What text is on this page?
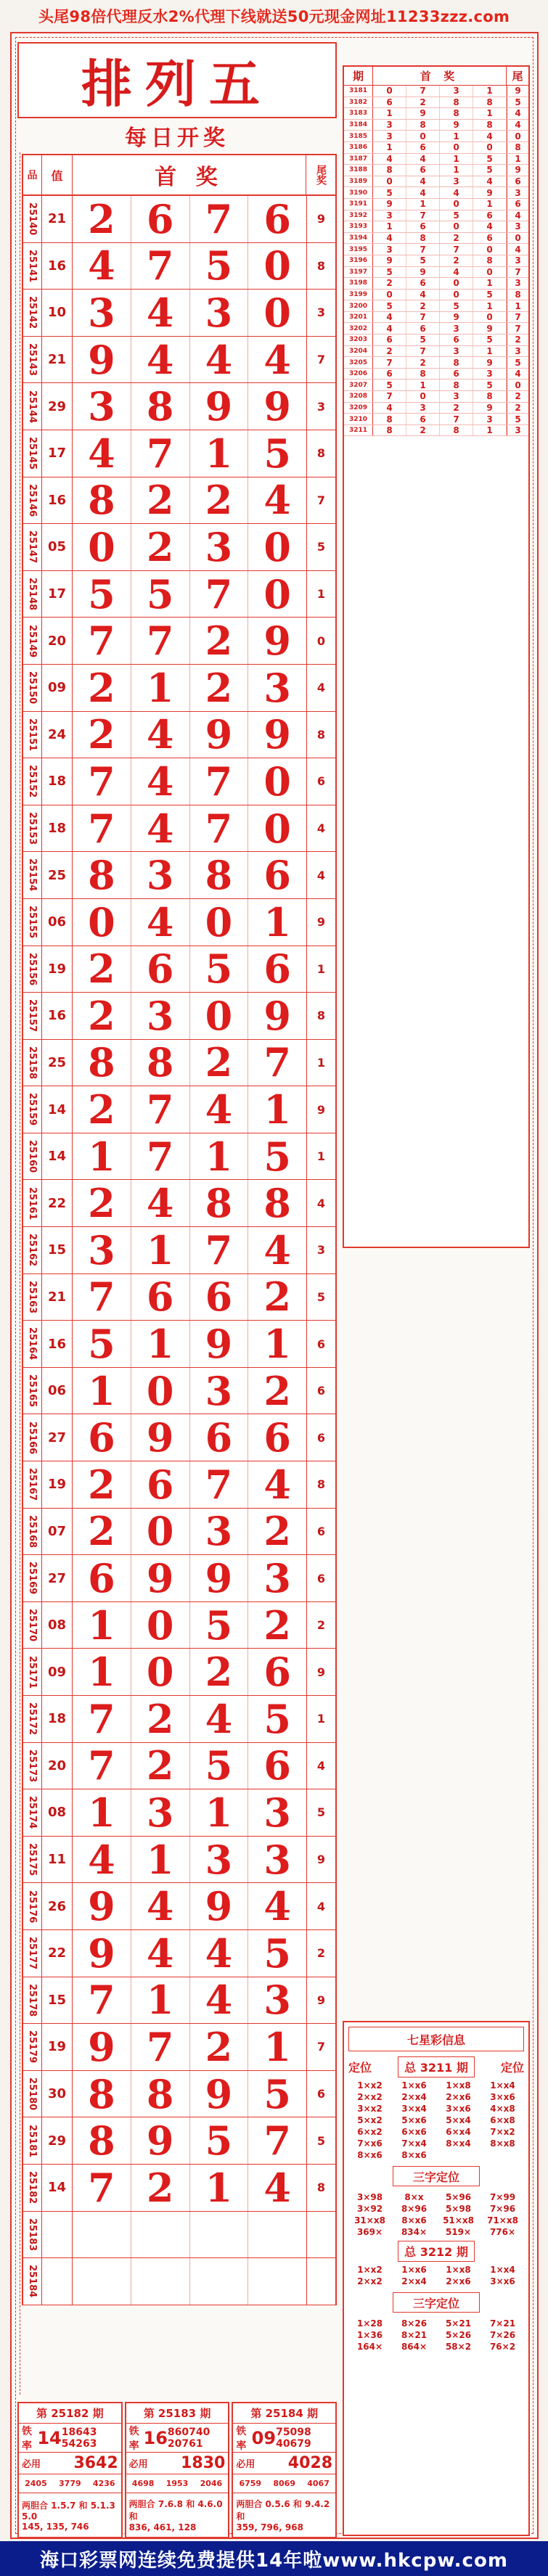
头尾98倍代理反水2%代理下线就送50元现金网址11233zzz.com
排列五
每日开奖
品	值	首 奖	尾奖
25140 21 2 6 7 6	9
25141 16 4 7 5 0	8
25142 10 3 4 3 0	3
25143 21 9 4 4 4	7
25144 29 3 8 9 9	3
25145 17 4 7 1 5	8
25146 16 8 2 2 4	7
25147 05 0 2 3 0	5
25148 17 5 5 7 0	1
25149 20 7 7 2 9	0
25150 09 2 1 2 3	4
25151 24 2 4 9 9	8
25152 18 7 4 7 0	6
25153 18 7 4 7 0	4
25154 25 8 3 8 6	4
25155 06 0 4 0 1	9
25156 19 2 6 5 6	1
25157 16 2 3 0 9	8
25158 25 8 8 2 7	1
25159 14 2 7 4 1	9
25160 14 1 7 1 5	1
25161 22 2 4 8 8	4
25162 15 3 1 7 4	3
25163 21 7 6 6 2	5
25164 16 5 1 9 1	6
25165 06 1 0 3 2	6
25166 27 6 9 6 6	6
25167 19 2 6 7 4	8
25168 07 2 0 3 2	6
25169 27 6 9 9 3	6
25170 08 1 0 5 2	2
25171 09 1 0 2 6	9
25172 18 7 2 4 5	1
25173 20 7 2 5 6	4
25174 08 1 3 1 3	5
25175 11 4 1 3 3	9
25176 26 9 4 9 4	4
25177 22 9 4 4 5	2
25178 15 7 1 4 3	9
25179 19 9 7 2 1	7
25180 30 8 8 9 5	6
25181 29 8 9 5 7	5
25182 14 7 2 1 4	8
25183
25184
期	首 奖	尾
3181	0	7	3	1	9
3182	6	2	8	8	5
3183	1	9	8	1	4
3184	3	8	9	8	4
3185	3	0	1	4	0
3186	1	6	0	0	8
3187	4	4	1	5	1
3188	8	6	1	5	9
3189	0	4	3	4	6
3190	5	4	4	9	3
3191	9	1	0	1	6
3192	3	7	5	6	4
3193	1	6	0	4	3
3194	4	8	2	6	0
3195	3	7	7	0	4
3196	9	5	2	8	3
3197	5	9	4	0	7
3198	2	6	0	1	3
3199	0	4	0	5	8
3200	5	2	5	1	1
3201	4	7	9	0	7
3202	4	6	3	9	7
3203	6	5	6	5	2
3204	2	7	3	1	3
3205	7	2	8	9	5
3206	6	8	6	3	4
3207	5	1	8	5	0
3208	7	0	3	8	2
3209	4	3	2	9	2
3210	8	6	7	3	5
3211	8	2	8	1	3
七星彩信息
定位	总 3211 期	定位
1×x2	1×x6	1×x8	1×x4
2×x2	2×x4	2×x6	3×x6
3×x2	3×x4	3×x6	4×x8
5×x2	5×x6	5×x4	6×x8
6×x2	6×x6	6×x4	7×x2
7×x6	7×x4	8×x4	8×x8
8×x6	8×x6
三字定位
3×98	8×x	5×96	7×99
3×92	8×96	5×98	7×96
31×x8	8×x6	51×x8	71×x8
369×	834×	519×	776×
总 3212 期
1×x2	1×x6	1×x8	1×x4
2×x2	2×x4	2×x6	3×x6
三字定位
1×28	8×26	5×21	7×21
1×36	8×21	5×26	7×26
164×	864×	58×2	76×2
第 25182 期
铁率 14 18643 54263
必用 3642
2405 3779 4236
两胆合 1.5.7 和 5.1.3 5.0
145, 135, 746
第 25183 期
铁率 16 860740 20761
必用 1830
4698 1953 2046
两胆合 7.6.8 和 4.6.0 和
836, 461, 128
第 25184 期
铁率 09 75098 40679
必用 4028
6759 8069 4067
两胆合 0.5.6 和 9.4.2 和
359, 796, 968
海口彩票网连续免费提供14年啦www.hkcpw.com
